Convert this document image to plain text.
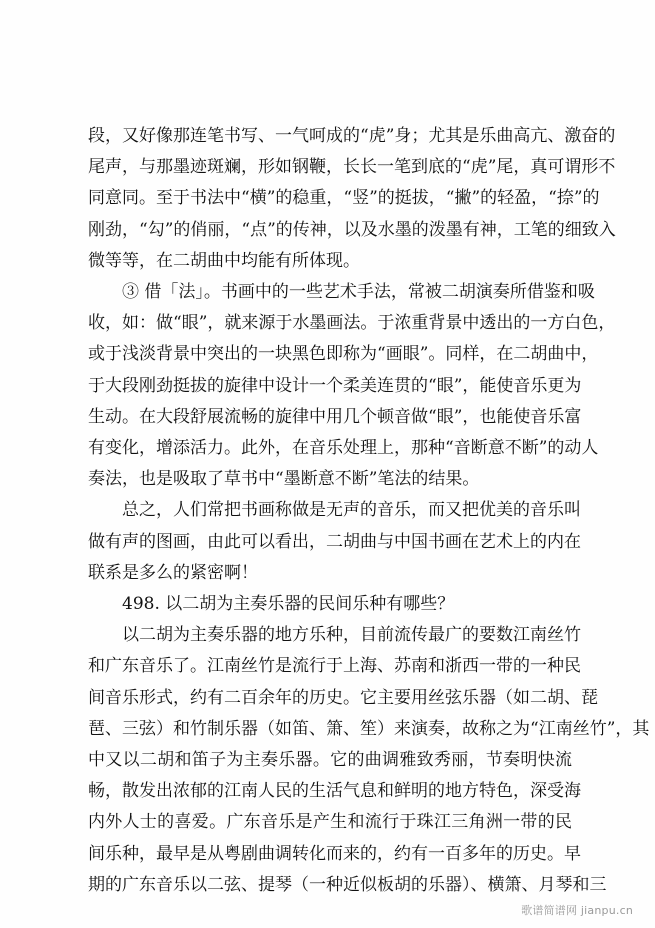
段，又好像那连笔书写、一气呵成的“虎”身；尤其是乐曲高亢、激奋的
尾声，与那墨迹斑斓，形如钢鞭，长长一笔到底的“虎”尾，真可谓形不
同意同。至于书法中“横”的稳重，“竖”的挺拔，“撇”的轻盈，“捺”的
刚劲，“勾”的俏丽，“点”的传神，以及水墨的泼墨有神，工笔的细致入
微等等，在二胡曲中均能有所体现。
③ 借「法」。书画中的一些艺术手法，常被二胡演奏所借鉴和吸
收，如：做“眼”，就来源于水墨画法。于浓重背景中透出的一方白色，
或于浅淡背景中突出的一块黑色即称为“画眼”。同样，在二胡曲中，
于大段刚劲挺拔的旋律中设计一个柔美连贯的“眼”，能使音乐更为
生动。在大段舒展流畅的旋律中用几个顿音做“眼”，也能使音乐富
有变化，增添活力。此外，在音乐处理上，那种“音断意不断”的动人
奏法，也是吸取了草书中“墨断意不断”笔法的结果。
总之，人们常把书画称做是无声的音乐，而又把优美的音乐叫
做有声的图画，由此可以看出，二胡曲与中国书画在艺术上的内在
联系是多么的紧密啊！
498. 以二胡为主奏乐器的民间乐种有哪些？
以二胡为主奏乐器的地方乐种，目前流传最广的要数江南丝竹
和广东音乐了。江南丝竹是流行于上海、苏南和浙西一带的一种民
间音乐形式，约有二百余年的历史。它主要用丝弦乐器（如二胡、琵
琶、三弦）和竹制乐器（如笛、箫、笙）来演奏，故称之为“江南丝竹”，其
中又以二胡和笛子为主奏乐器。它的曲调雅致秀丽，节奏明快流
畅，散发出浓郁的江南人民的生活气息和鲜明的地方特色，深受海
内外人士的喜爱。广东音乐是产生和流行于珠江三角洲一带的民
间乐种，最早是从粤剧曲调转化而来的，约有一百多年的历史。早
期的广东音乐以二弦、提琴（一种近似板胡的乐器）、横箫、月琴和三
歌谱简谱网 jianpu.cn
